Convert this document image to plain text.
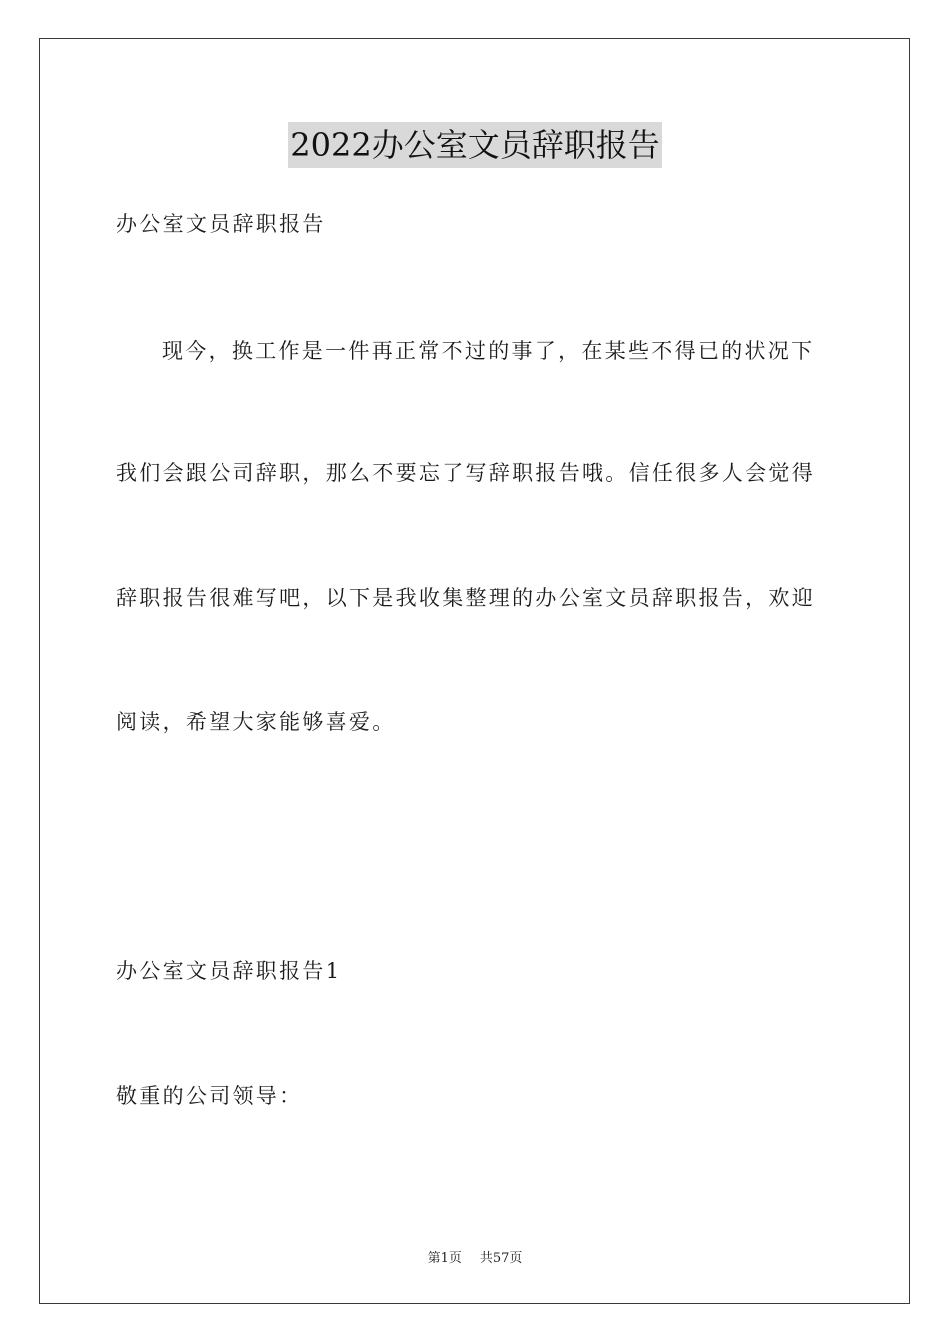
2022办公室文员辞职报告
办公室文员辞职报告
现今，换工作是一件再正常不过的事了，在某些不得已的状况下
我们会跟公司辞职，那么不要忘了写辞职报告哦。信任很多人会觉得
辞职报告很难写吧，以下是我收集整理的办公室文员辞职报告，欢迎
阅读，希望大家能够喜爱。
办公室文员辞职报告1
敬重的公司领导：
第1页 共57页
